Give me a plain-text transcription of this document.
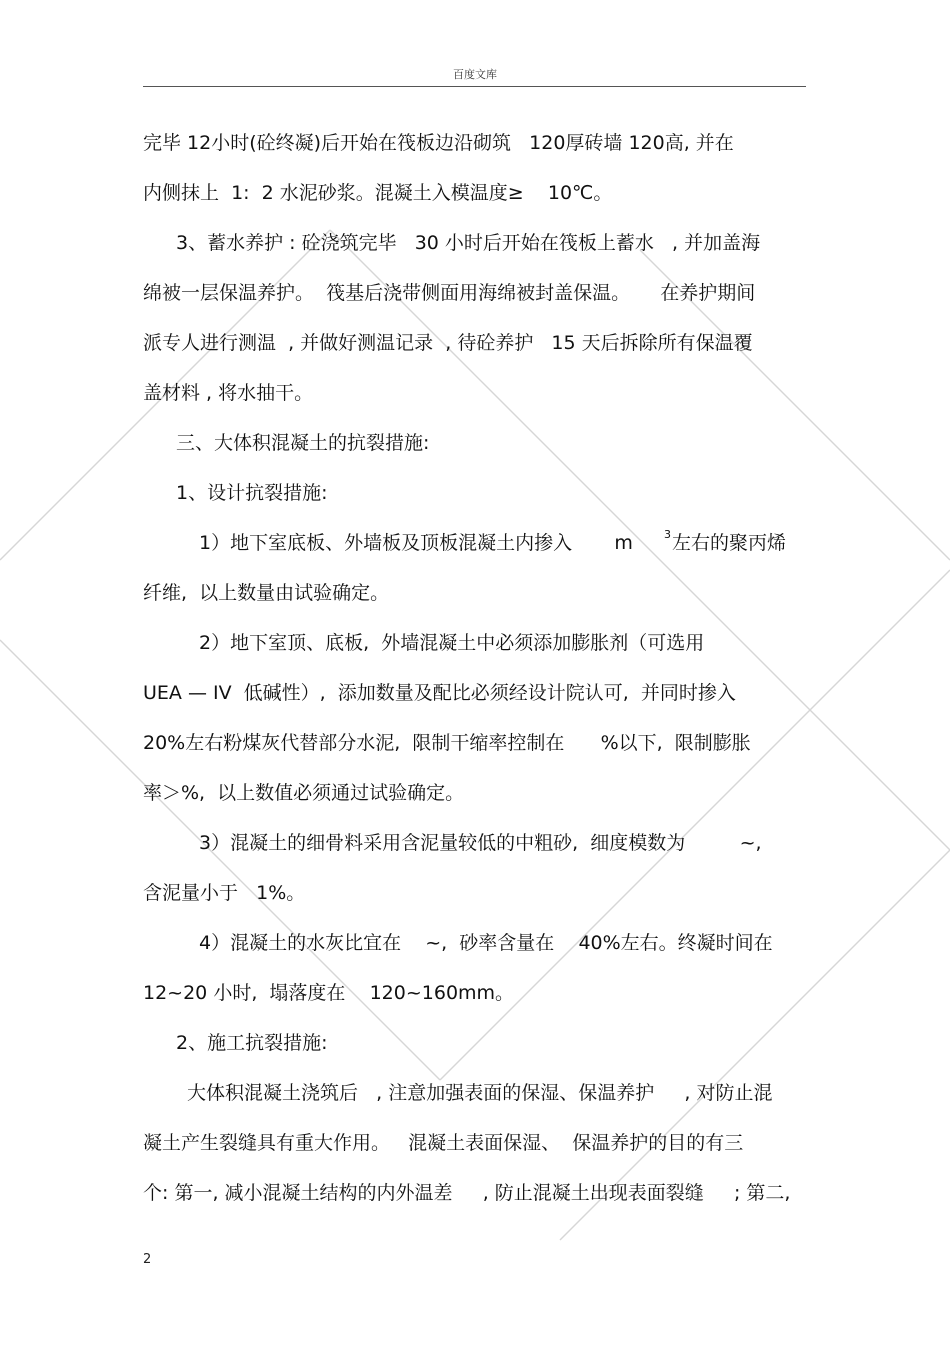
百度文库
完毕 12小时(砼终凝)后开始在筏板边沿砌筑   120厚砖墙 120高, 并在
内侧抹上  1:  2 水泥砂浆。混凝土入模温度≥    10℃。
3、蓄水养护 : 砼浇筑完毕   30 小时后开始在筏板上蓄水   , 并加盖海
绵被一层保温养护。  筏基后浇带侧面用海绵被封盖保温。     在养护期间
派专人进行测温  , 并做好测温记录  , 待砼养护   15 天后拆除所有保温覆
盖材料 , 将水抽干。
三、大体积混凝土的抗裂措施:
1、设计抗裂措施:

1）地下室底板、外墙板及顶板混凝土内掺入       m

	3

左右的聚丙烯

纤维,  以上数量由试验确定。
2）地下室顶、底板,  外墙混凝土中必须添加膨胀剂（可选用
UEA — IV  低碱性）,  添加数量及配比必须经设计院认可,  并同时掺入
20%左右粉煤灰代替部分水泥,  限制干缩率控制在      %以下,  限制膨胀
率＞%,  以上数值必须通过试验确定。
3）混凝土的细骨料采用含泥量较低的中粗砂,  细度模数为         ~,
含泥量小于   1%。
4）混凝土的水灰比宜在    ~,  砂率含量在    40%左右。终凝时间在
12~20 小时,  塌落度在    120~160mm。
2、施工抗裂措施:
大体积混凝土浇筑后   , 注意加强表面的保湿、保温养护     , 对防止混
凝土产生裂缝具有重大作用。   混凝土表面保湿、  保温养护的目的有三
个: 第一, 减小混凝土结构的内外温差     , 防止混凝土出现表面裂缝     ; 第二,
2
